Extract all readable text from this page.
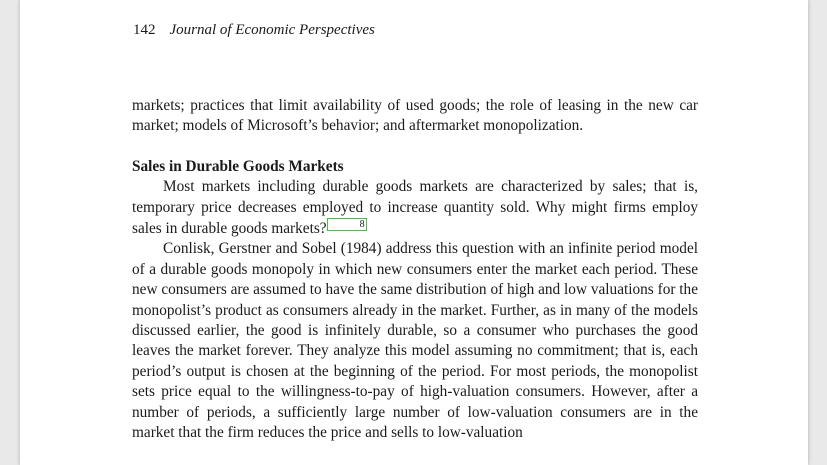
142 Journal of Economic Perspectives

markets; practices that limit availability of used goods; the role of leasing in the new car market; models of Microsoft’s behavior; and aftermarket monopolization.

Sales in Durable Goods Markets

Most markets including durable goods markets are characterized by sales; that is, temporary price decreases employed to increase quantity sold. Why might firms employ sales in durable goods markets?	8

Conlisk, Gerstner and Sobel (1984) address this question with an infinite period model of a durable goods monopoly in which new consumers enter the market each period. These new consumers are assumed to have the same distribution of high and low valuations for the monopolist’s product as consumers already in the market. Further, as in many of the models discussed earlier, the good is infinitely durable, so a consumer who purchases the good leaves the market forever. They analyze this model assuming no commitment; that is, each period’s output is chosen at the beginning of the period. For most periods, the monopolist sets price equal to the willingness-to-pay of high-valuation consumers. However, after a number of periods, a sufficiently large number of low-valuation consumers are in the market that the firm reduces the price and sells to low-valuation
